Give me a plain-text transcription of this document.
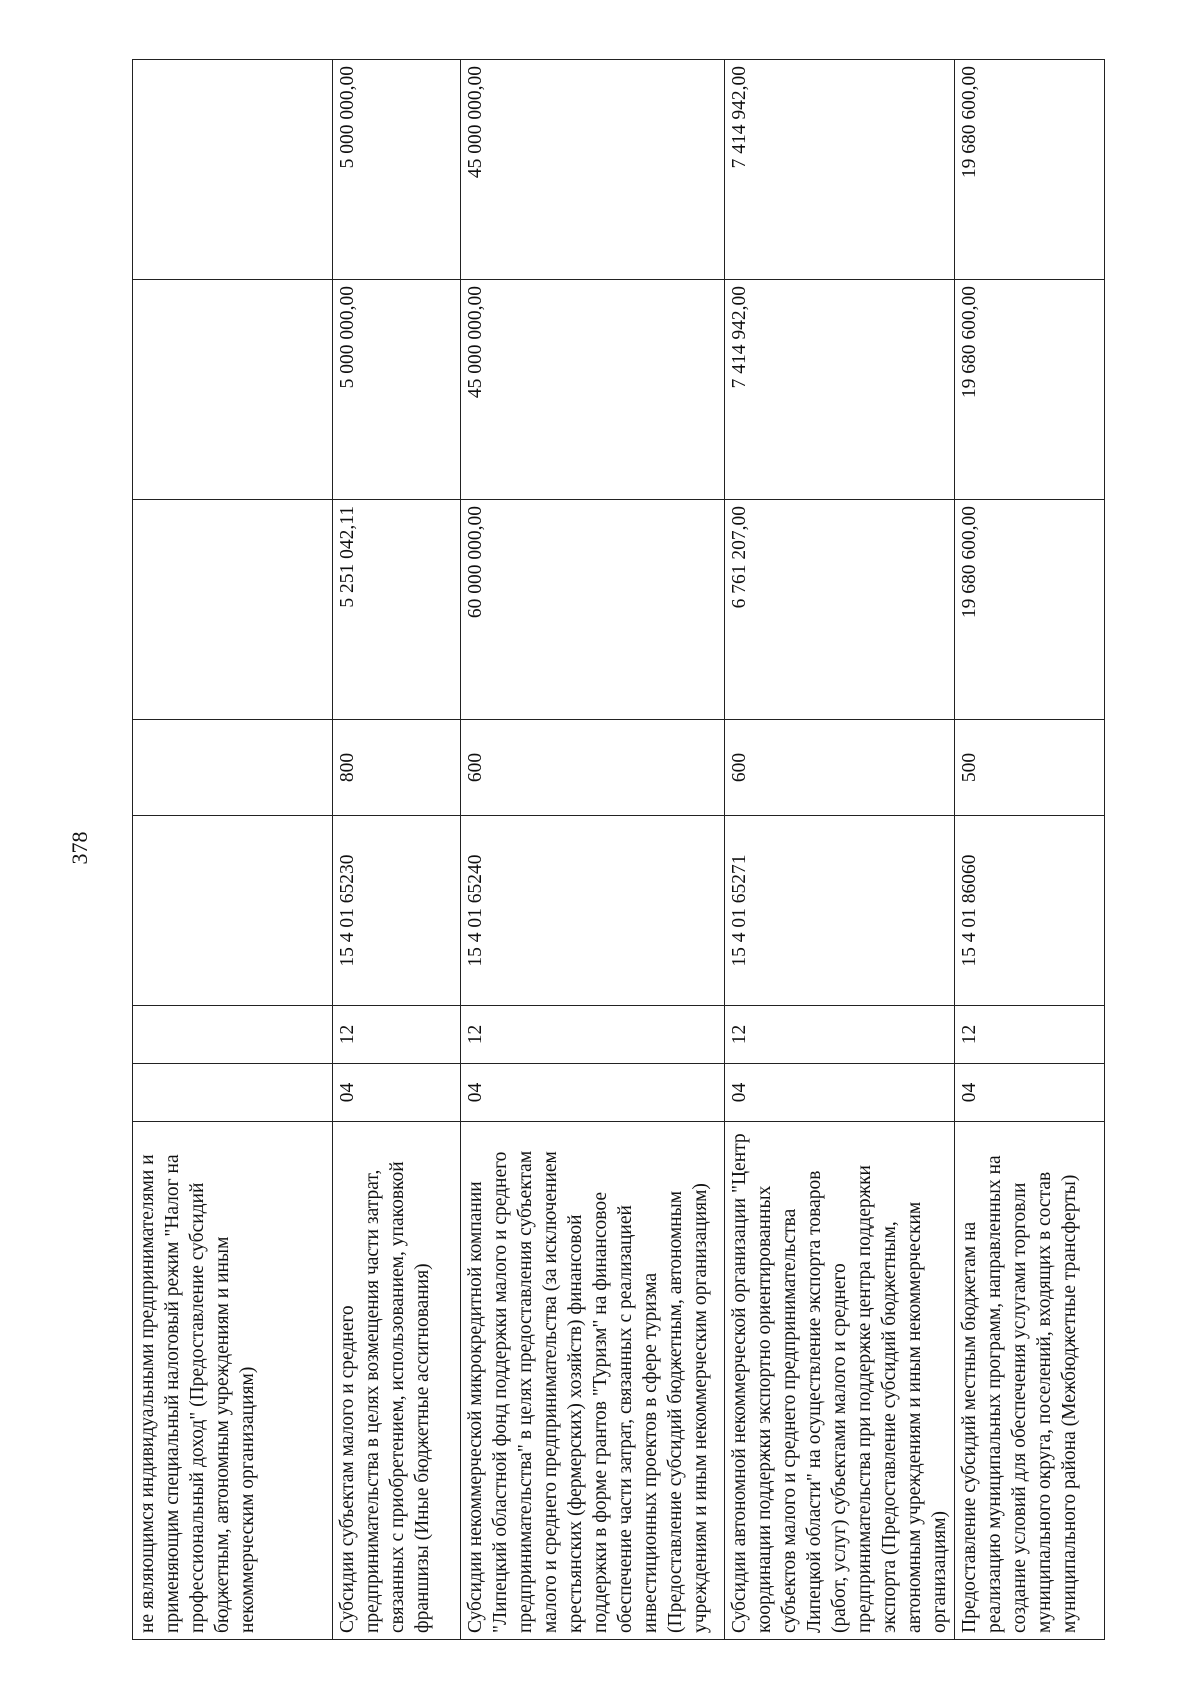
378
не являющимся индивидуальными предпринимателями и применяющим специальный налоговый режим "Налог на профессиональный доход" (Предоставление субсидий бюджетным, автономным учреждениям и иным некоммерческим организациям)							
Субсидии субъектам малого и среднего предпринимательства в целях возмещения части затрат, связанных с приобретением, использованием, упаковкой франшизы (Иные бюджетные ассигнования)	04	12	15 4 01 65230	800	5 251 042,11	5 000 000,00	5 000 000,00
Субсидии некоммерческой микрокредитной компании "Липецкий областной фонд поддержки малого и среднего предпринимательства" в целях предоставления субъектам малого и среднего предпринимательства (за исключением крестьянских (фермерских) хозяйств) финансовой поддержки в форме грантов "Туризм" на финансовое обеспечение части затрат, связанных с реализацией инвестиционных проектов в сфере туризма (Предоставление субсидий бюджетным, автономным учреждениям и иным некоммерческим организациям)	04	12	15 4 01 65240	600	60 000 000,00	45 000 000,00	45 000 000,00
Субсидии автономной некоммерческой организации "Центр координации поддержки экспортно ориентированных субъектов малого и среднего предпринимательства Липецкой области" на осуществление экспорта товаров (работ, услуг) субъектами малого и среднего предпринимательства при поддержке центра поддержки экспорта (Предоставление субсидий бюджетным, автономным учреждениям и иным некоммерческим организациям)	04	12	15 4 01 65271	600	6 761 207,00	7 414 942,00	7 414 942,00
Предоставление субсидий местным бюджетам на реализацию муниципальных программ, направленных на создание условий для обеспечения услугами торговли муниципального округа, поселений, входящих в состав муниципального района (Межбюджетные трансферты)	04	12	15 4 01 86060	500	19 680 600,00	19 680 600,00	19 680 600,00
